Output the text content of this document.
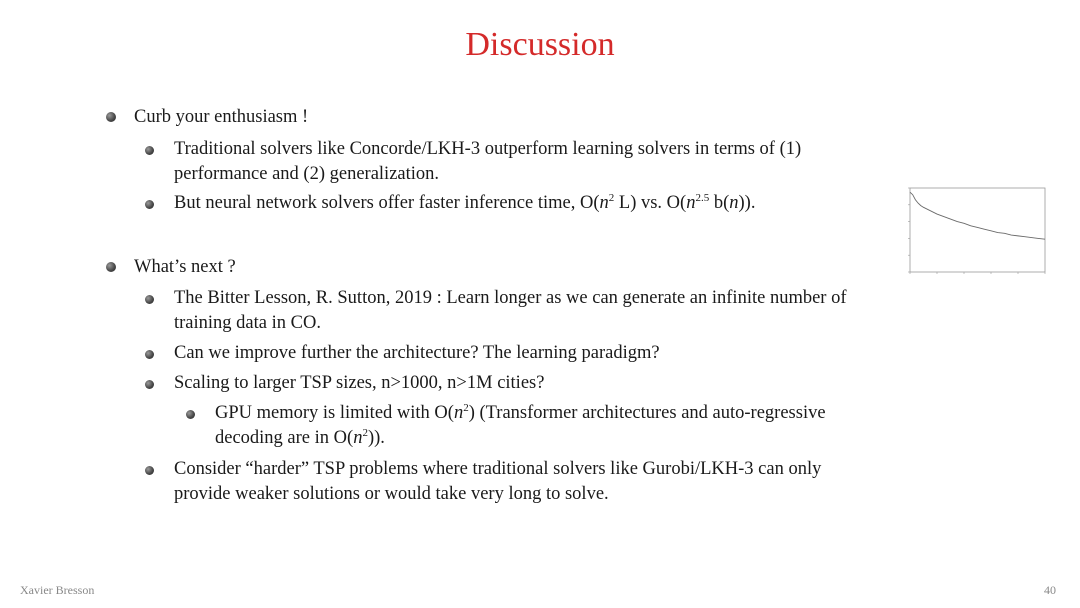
Discussion
Curb your enthusiasm !
Traditional solvers like Concorde/LKH-3 outperform learning solvers in terms of (1)
performance and (2) generalization.
But neural network solvers offer faster inference time, $O(n^2$ L) vs. $O(n^{2.5}$ b(n)).
What’s next ?
The Bitter Lesson, R. Sutton, 2019 : Learn longer as we can generate an infinite number of
training data in CO.
Can we improve further the architecture? The learning paradigm?
Scaling to larger TSP sizes, n>1000, n>1M cities?
GPU memory is limited with $O(n^2)$ (Transformer architectures and auto-regressive
decoding are in $O(n^2)$).
Consider “harder” TSP problems where traditional solvers like Gurobi/LKH-3 can only
provide weaker solutions or would take very long to solve.
Xavier Bresson	40
